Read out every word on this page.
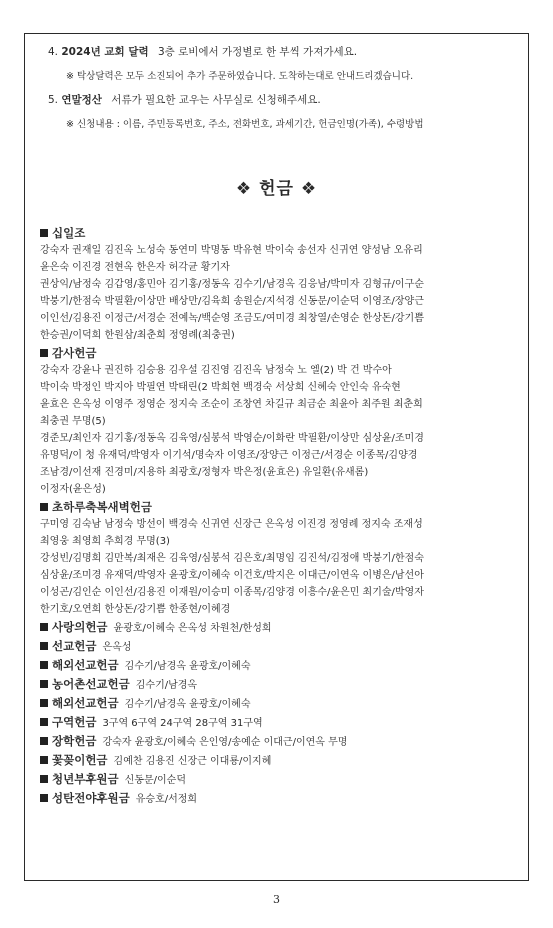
4. 2024년 교회 달력 3층 로비에서 가정별로 한 부씩 가져가세요.
※ 탁상달력은 모두 소진되어 추가 주문하였습니다. 도착하는대로 안내드리겠습니다.
5. 연말정산 서류가 필요한 교우는 사무실로 신청해주세요.
※ 신청내용 : 이름, 주민등록번호, 주소, 전화번호, 과세기간, 헌금인명(가족), 수령방법
❖ 헌금 ❖
십일조
강숙자 권재일 김진옥 노성숙 동연미 박명동 박유현 박이숙 송선자 신귀연 양성남 오유리
윤은숙 이진경 전현옥 한은자 허각균 황기자
권상익/남정숙 김갑영/홍민아 김기홍/정동옥 김수기/남경옥 김응남/박미자 김형규/이구순
박붕기/한점숙 박필환/이상만 배상만/김육희 송원순/지석경 신동문/이순덕 이영조/장양근
이인선/김용진 이정근/서경순 전예녹/백순영 조금도/여미경 최창열/손영순 한상돈/강기쁨
한승권/이덕희 한원삼/최춘희 정영례(최충권)
감사헌금
강숙자 강윤나 권진하 김승용 김우설 김진영 김진옥 남정숙 노 엘(2) 박 건 박수아
박이숙 박정인 박지아 박필연 박태린(2 박희현 백경숙 서상희 신혜숙 안인숙 유숙현
윤효은 은옥성 이영주 정영순 정지숙 조순이 조창연 차길규 최금순 최윤아 최주원 최춘희
최충권 무명(5)
경준모/최인자 김기홍/정동옥 김육영/심봉석 박영순/이화란 박필환/이상만 심상윤/조미경
유명덕/이 청 유재덕/박영자 이기석/명숙자 이영조/장양근 이정근/서경순 이종목/김양경
조남경/이선재 진경미/지용하 최광호/정형자 박은정(윤효은) 유일환(유새롬)
이정자(윤은성)
초하루축복새벽헌금
구미영 김숙남 남정숙 방선이 백경숙 신귀연 신장근 은옥성 이진경 정영례 정지숙 조재성
최영웅 최영희 추희경 무명(3)
강성빈/김명희 김만복/최재은 김육영/심봉석 김은호/최명임 김진석/김정애 박붕기/한점숙
심상윤/조미경 유재덕/박영자 윤광호/이혜숙 이건호/박지은 이대근/이연옥 이병은/남선아
이성곤/김인순 이인선/김용진 이재원/이승미 이종목/김양경 이흥수/윤은민 최기술/박영자
한기호/오연희 한상돈/강기쁨 한종현/이혜경
사랑의헌금 윤광호/이혜숙 은옥성 차원천/한성희
선교헌금 은옥성
해외선교헌금 김수기/남경옥 윤광호/이혜숙
농어촌선교헌금 김수기/남경옥
해외선교헌금 김수기/남경옥 윤광호/이혜숙
구역헌금 3구역 6구역 24구역 28구역 31구역
장학헌금 강숙자 윤광호/이혜숙 은인영/송예순 이대근/이연옥 무명
꽃꽂이헌금 김예찬 김용진 신장근 이대룡/이지혜
청년부후원금 신동문/이순덕
성탄전야후원금 유승호/서정희
3
